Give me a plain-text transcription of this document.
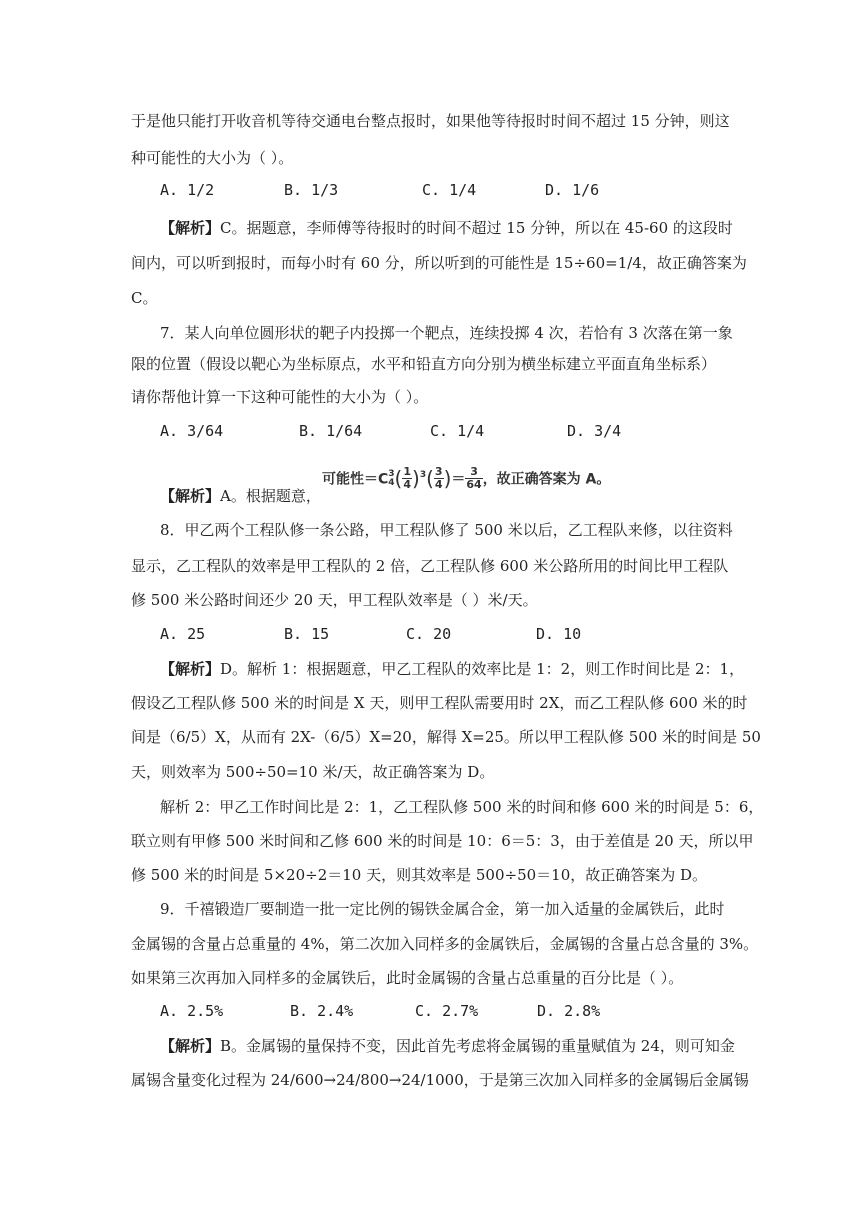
于是他只能打开收音机等待交通电台整点报时，如果他等待报时时间不超过 15 分钟，则这
种可能性的大小为（ ）。
A. 1/2	B. 1/3	C. 1/4	D. 1/6
【解析】C。据题意，李师傅等待报时的时间不超过 15 分钟，所以在 45-60 的这段时
间内，可以听到报时，而每小时有 60 分，所以听到的可能性是 15÷60=1/4，故正确答案为
C。
7．某人向单位圆形状的靶子内投掷一个靶点，连续投掷 4 次，若恰有 3 次落在第一象
限的位置（假设以靶心为坐标原点，水平和铅直方向分别为横坐标建立平面直角坐标系）
请你帮他计算一下这种可能性的大小为（ ）。
A. 3/64	B. 1/64	C. 1/4	D. 3/4
【解析】A。根据题意，
可能性＝C 3
4 ( $\frac{1}{4} )^3( \frac{3}{4}$ )＝ $\frac{3}{64}$ ，故正确答案为 A。
8．甲乙两个工程队修一条公路，甲工程队修了 500 米以后，乙工程队来修，以往资料
显示，乙工程队的效率是甲工程队的 2 倍，乙工程队修 600 米公路所用的时间比甲工程队
修 500 米公路时间还少 20 天，甲工程队效率是（ ）米/天。
A. 25	B. 15	C. 20	D. 10
【解析】D。解析 1：根据题意，甲乙工程队的效率比是 1：2，则工作时间比是 2：1，
假设乙工程队修 500 米的时间是 X 天，则甲工程队需要用时 2X，而乙工程队修 600 米的时
间是（6/5）X，从而有 2X-（6/5）X=20，解得 X=25。所以甲工程队修 500 米的时间是 50
天，则效率为 500÷50=10 米/天，故正确答案为 D。
解析 2：甲乙工作时间比是 2：1，乙工程队修 500 米的时间和修 600 米的时间是 5：6，
联立则有甲修 500 米时间和乙修 600 米的时间是 10：6＝5：3，由于差值是 20 天，所以甲
修 500 米的时间是 5×20÷2＝10 天，则其效率是 500÷50＝10，故正确答案为 D。
9．千禧锻造厂要制造一批一定比例的锡铁金属合金，第一加入适量的金属铁后，此时
金属锡的含量占总重量的 4%，第二次加入同样多的金属铁后，金属锡的含量占总含量的 3%。
如果第三次再加入同样多的金属铁后，此时金属锡的含量占总重量的百分比是（ ）。
A. 2.5%	B. 2.4%	C. 2.7%	D. 2.8%
【解析】B。金属锡的量保持不变，因此首先考虑将金属锡的重量赋值为 24，则可知金
属锡含量变化过程为 24/600→24/800→24/1000，于是第三次加入同样多的金属锡后金属锡
